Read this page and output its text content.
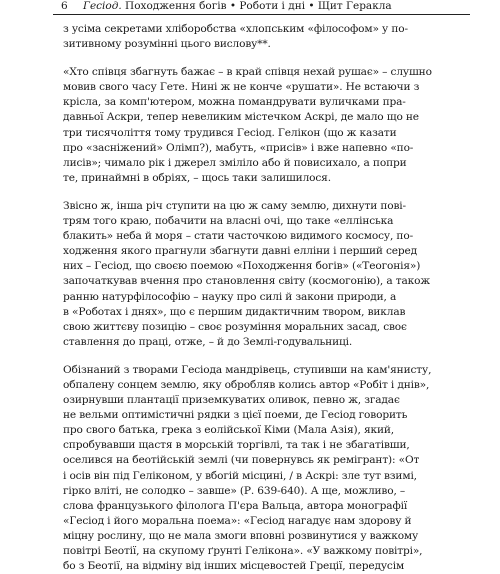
6 Гесіод. Походження богів • Роботи і дні • Щит Геракла
з усіма секретами хліборобства «хлопським «філософом» у по-
зитивному розумінні цього вислову**.
«Хто співця збагнуть бажає – в край співця нехай рушає» – слушно
мовив свого часу Гете. Нині ж не конче «рушати». Не встаючи з
крісла, за комп'ютером, можна помандрувати вуличками пра-
давньої Аскри, тепер невеликим містечком Аскрі, де мало що не
три тисячоліття тому трудився Гесіод. Гелікон (що ж казати
про «засніжений» Олімп?), мабуть, «присів» і вже напевно «по-
лисів»; чимало рік і джерел зміліло або й повисихало, а попри
те, принаймні в обріях, – щось таки залишилося.
Звісно ж, інша річ ступити на цю ж саму землю, дихнути пові-
трям того краю, побачити на власні очі, що таке «еллінська
блакить» неба й моря – стати часточкою видимого космосу, по-
ходження якого прагнули збагнути давні елліни і перший серед
них – Гесіод, що своєю поемою «Походження богів» («Теогонія»)
започаткував вчення про становлення світу (космогонію), а також
ранню натурфілософію – науку про силі й закони природи, а
в «Роботах і днях», що є першим дидактичним твором, виклав
свою життєву позицію – своє розуміння моральних засад, своє
ставлення до праці, отже, – й до Землі-годувальниці.
Обізнаний з творами Гесіода мандрівець, ступивши на кам'янисту,
обпалену сонцем землю, яку обробляв колись автор «Робіт і днів»,
озирнувши плантації приземкуватих оливок, певно ж, згадає
не вельми оптимістичні рядки з цієї поеми, де Гесіод говорить
про свого батька, грека з еолійської Кіми (Мала Азія), який,
спробувавши щастя в морській торгівлі, та так і не збагатівши,
оселився на беотійській землі (чи повернувсь як ремігрант): «От
і осів він під Геліконом, у вбогій місцині, / в Аскрі: зле тут взимі,
гірко вліті, не солодко – завше» (Р. 639-640). А ще, можливо, –
слова французького філолога П'єра Вальца, автора монографії
«Гесіод і його моральна поема»: «Гесіод нагадує нам здорову й
міцну рослину, що не мала змоги вповні розвинутися у важкому
повітрі Беотії, на скупому ґрунті Гелікона». «У важкому повітрі»,
бо з Беотії, на відміну від інших місцевостей Греції, передусім
